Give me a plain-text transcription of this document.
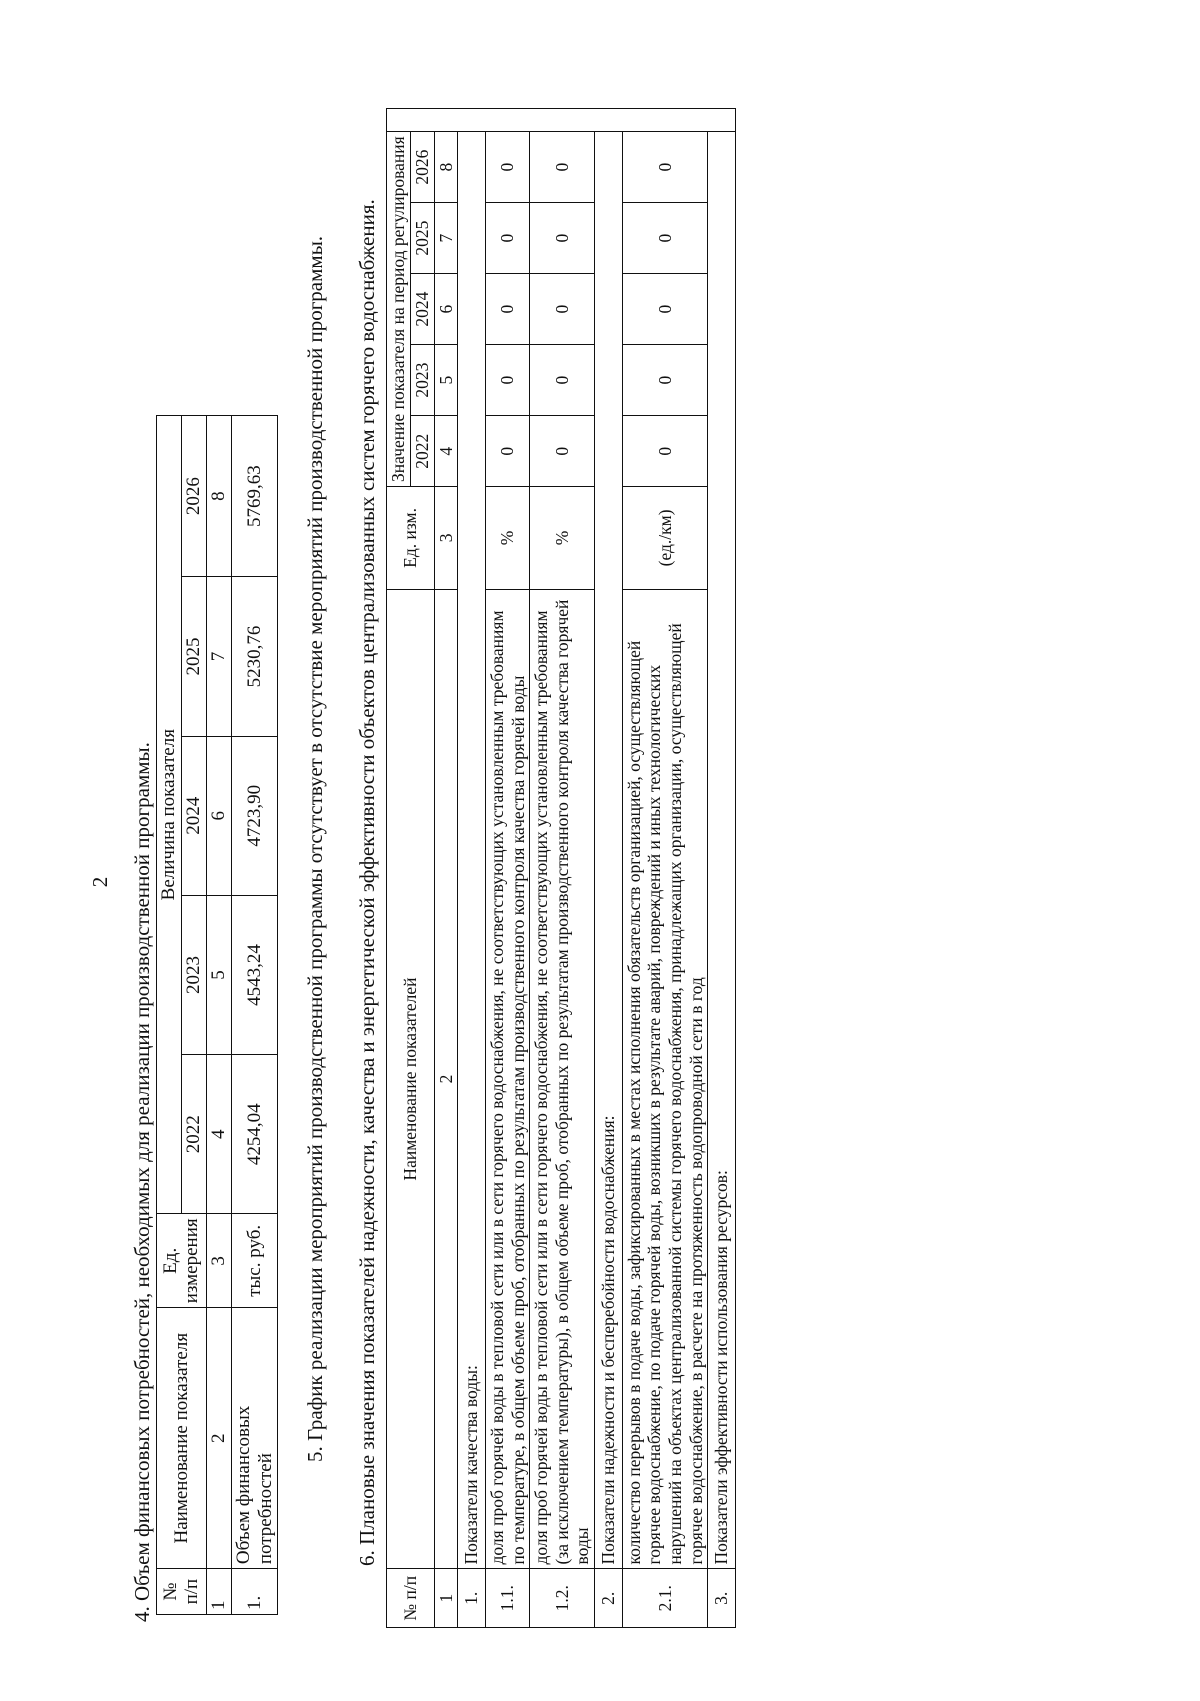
2 4. Объем финансовых потребностей, необходимых для реализации производственной программы. № п/п	Наименование показателя	Ед. измерения	Величина показателя				
			2022	2023	2024	2025	2026
1	2	3	4	5	6	7	8
1.	Объем финансовых потребностей	тыс. руб.	4254,04	4543,24	4723,90	5230,76	5769,63 5. График реализации мероприятий производственной программы отсутствует в отсутствие мероприятий производственной программы. 6. Плановые значения показателей надежности, качества и энергетической эффективности объектов централизованных систем горячего водоснабжения.

№ п/п	Наименование показателей	Ед. изм.	Значение показателя на период регулирования					
			2022	2023	2024	2025	2026	
1	2	3	4	5	6	7	8	
1.	Показатели качества воды:							
1.1.	доля проб горячей воды в тепловой сети или в сети горячего водоснабжения, не соответствующих установленным требованиям по температуре, в общем объеме проб, отобранных по результатам производственного контроля качества горячей воды	%	0	0	0	0	0	
1.2.	доля проб горячей воды в тепловой сети или в сети горячего водоснабжения, не соответствующих установленным требованиям (за исключением температуры), в общем объеме проб, отобранных по результатам производственного контроля качества горячей воды	%	0	0	0	0	0	
2.	Показатели надежности и бесперебойности водоснабжения:							
2.1.	количество перерывов в подаче воды, зафиксированных в местах исполнения обязательств организацией, осуществляющей горячее водоснабжение, по подаче горячей воды, возникших в результате аварий, повреждений и иных технологических нарушений на объектах централизованной системы горячего водоснабжения, принадлежащих организации, осуществляющей горячее водоснабжение, в расчете на протяженность водопроводной сети в год	(ед./км)	0	0	0	0	0	
3.	Показатели эффективности использования ресурсов:							
